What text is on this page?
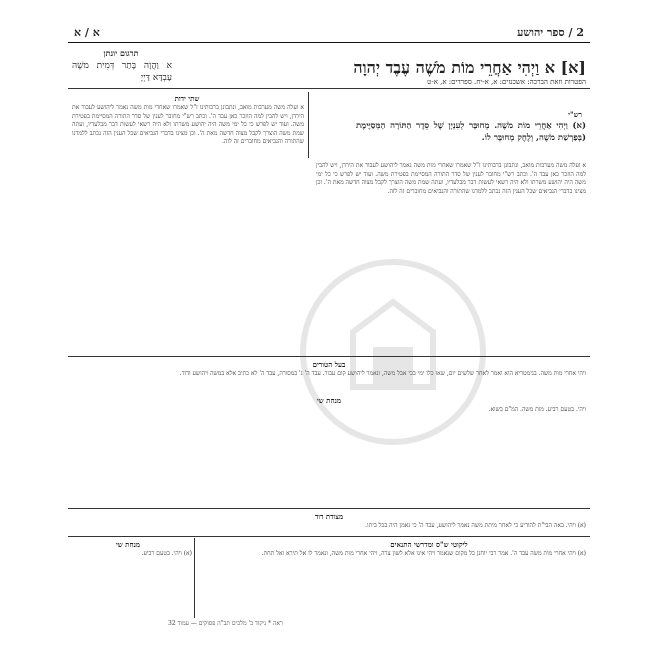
2 / ספר יהושע
א / א
תרגום יונתן
א וַהֲוָה בָּתַר דְּמִית משֶׁה עַבְדָּא דַּיְיָ
[א] א וַיְהִי אַחֲרֵי מוֹת מֹשֶׁה עֶבֶד יְהוָה
הפטרות וזאת הברכה: אשכנזים: א, א-יח. ספרדים: א, א-ט
רש"י
(א) וַיְהִי אַחֲרֵי מוֹת מֹשֶׁה. מְחוּבָּר לְעִנְיָן שֶׁל סֵדֶר הַתּוֹרָה הַמְּסַיֶּימֶת (בְּפַרְשַׁת מֹשֶׁה, וְלֶחֶק מְחוּבָּר לוֹ.
שתי ידות
א ועלה משה מערבות מואב, ונתבונן ברבותינו ז"ל שאמרו שאחרי מות משה נאמר ליהושע לעבור את הירדן, ויש להבין למה הוזכר כאן עבד ה'. וכתב רש"י מחובר לענין של סדר התורה המסיימת בפטירת משה. ועוד יש לפרש כי כל ימי משה היה יהושע משרתו ולא היה רשאי לעשות דבר מבלעדיו, ועתה שמת משה הוצרך לקבל מצוה חדשה מאת ה'. וכן מצינו בדברי הנביאים שכל הענין הזה נכתב ללמדנו שהתורה והנביאים מחוברים זה לזה.
א ועלה משה מערבות מואב, ונתבונן ברבותינו ז"ל שאמרו שאחרי מות משה נאמר ליהושע לעבור את הירדן, ויש להבין למה הוזכר כאן עבד ה'. וכתב רש"י מחובר לענין של סדר התורה המסיימת בפטירת משה. ועוד יש לפרש כי כל ימי משה היה יהושע משרתו ולא היה רשאי לעשות דבר מבלעדיו, ועתה שמת משה הוצרך לקבל מצוה חדשה מאת ה'. וכן מצינו בדברי הנביאים שכל הענין הזה נכתב ללמדנו שהתורה והנביאים מחוברים זה לזה.
בעל הטורים
ויהי אחרי מות משה. בגימטריא הוא ואמר לאחר שלשים יום, שאז כלו ימי בכי אבל משה, ונאמר ליהושע קום עבור. עבד ה' ג' במסורה, עבד ה' לא כתיב אלא במשה ויהושע ודוד.
מנחת שי
ויהי. בטעם רביע. מות משה. המ"ם בשוא.
מצודת דוד
(א) ויהי. באה הבי"ת להודיע כי לאחר מיתת משה נאמר ליהושע, עבד ה' כי נאמן היה בכל ביתו.
ליקוטי ש"ס ומדרשי התנאים
מנחת שי
(א) ויהי אחרי מות משה עבד ה'. אמר רבי יוחנן כל מקום שנאמר ויהי אינו אלא לשון צרה, ויהי אחרי מות משה, ונאמר לו אל תירא ואל תחת.
(א) ויהי. בטעם רביע.
ראה * ניקוד ב' מלכים תב"ה פסוקים — עמוד 32
